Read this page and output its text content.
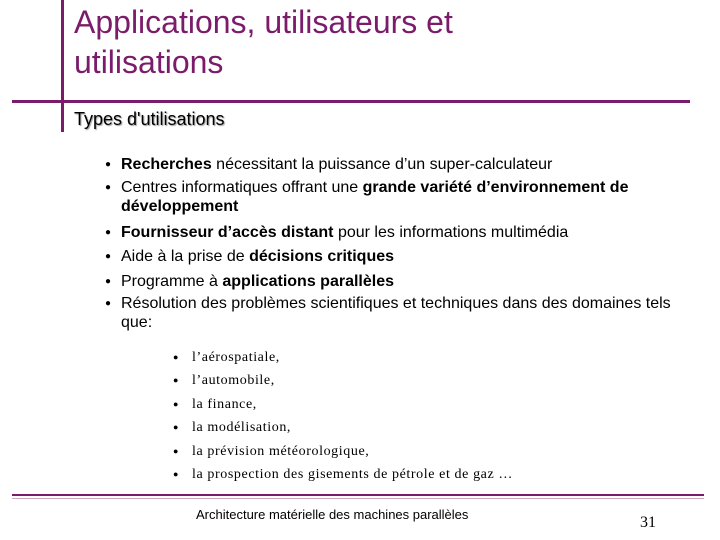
Applications, utilisateurs et
utilisations
Types d'utilisations
● Recherches nécessitant la puissance d’un super-calculateur
● Centres informatiques offrant une grande variété d’environnement de développement
● Fournisseur d’accès distant pour les informations multimédia
● Aide à la prise de décisions critiques
● Programme à applications parallèles
● Résolution des problèmes scientifiques et techniques dans des domaines tels que:
● l’aérospatiale,
● l’automobile,
● la finance,
● la modélisation,
● la prévision météorologique,
● la prospection des gisements de pétrole et de gaz …
Architecture matérielle des machines parallèles	31
